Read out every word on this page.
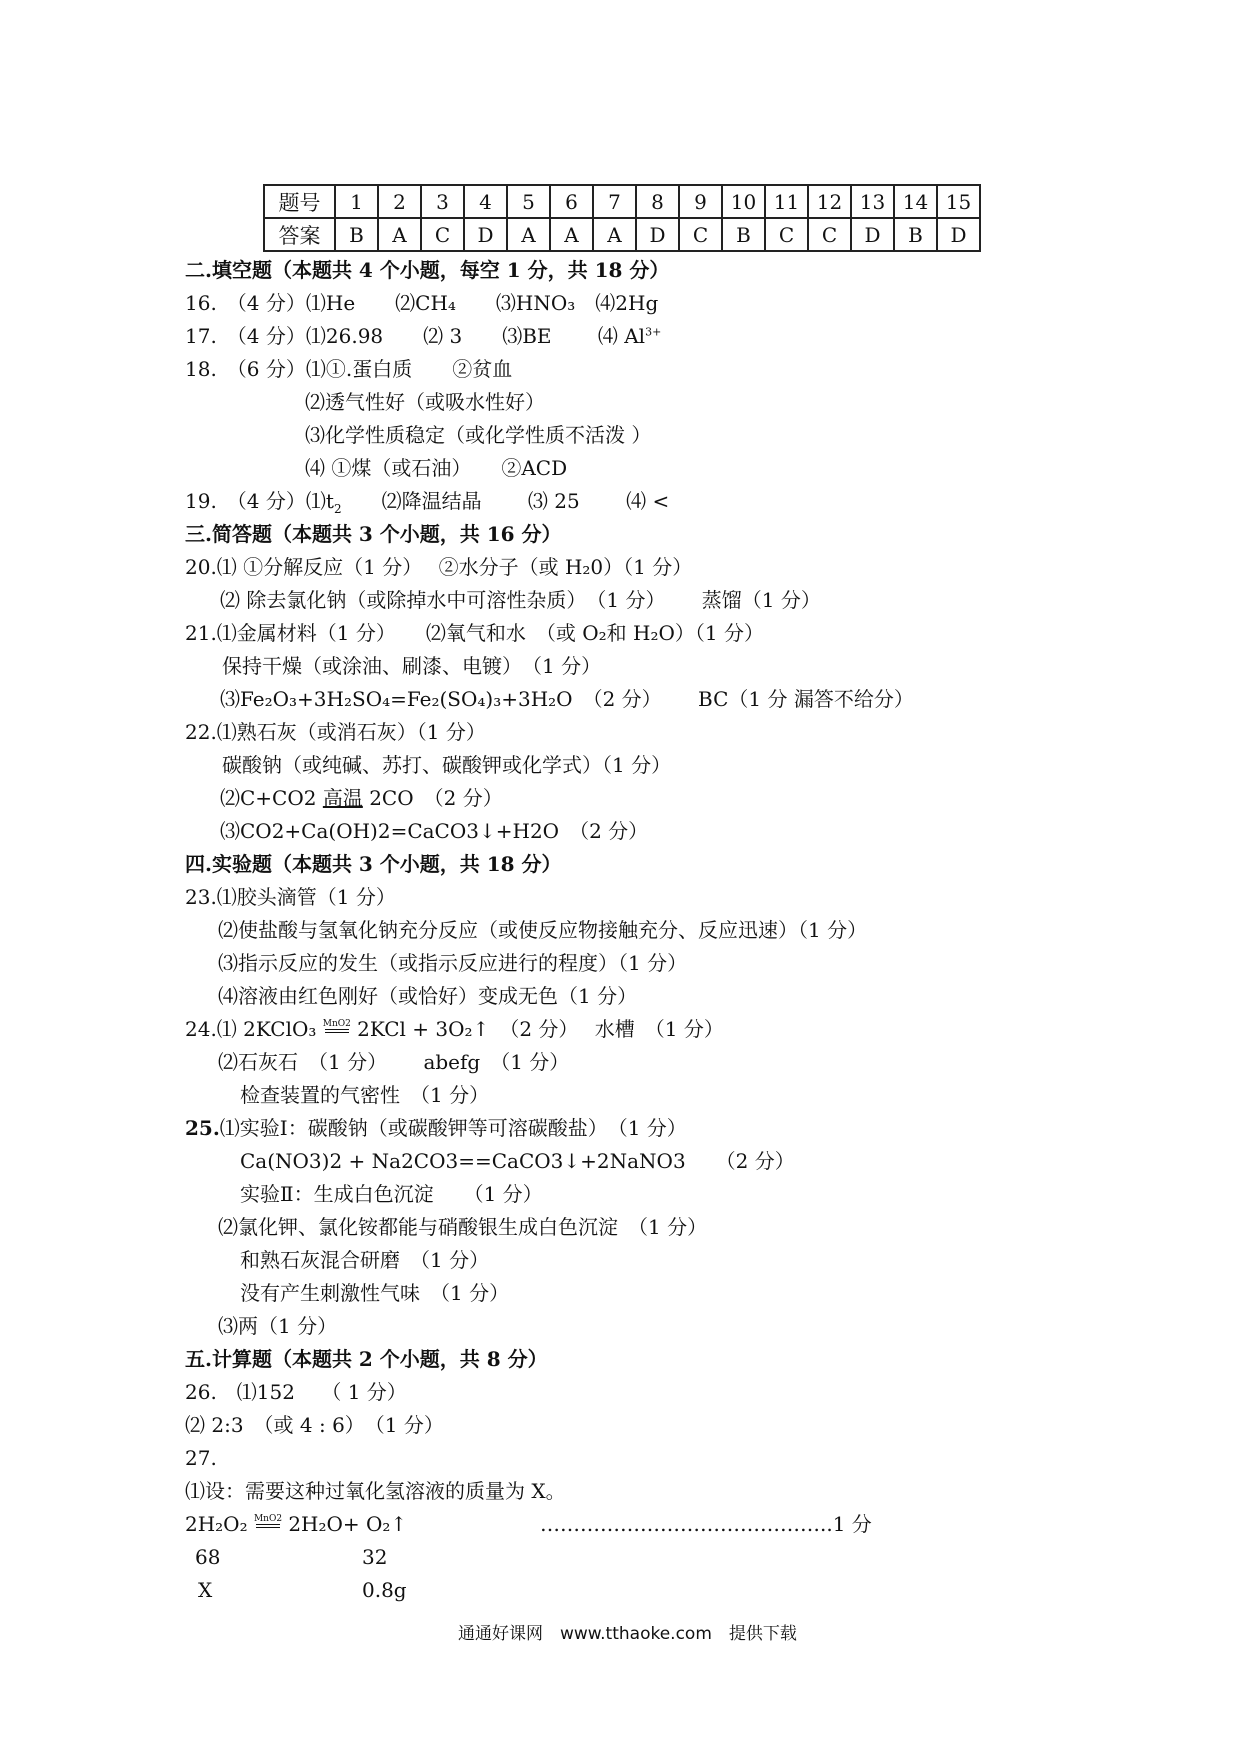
题号	1	2	3	4	5	6	7	8	9	10	11	12	13	14	15
答案	B	A	C	D	A	A	A	D	C	B	C	C	D	B	D
二.填空题（本题共 4 个小题，每空 1 分，共 18 分）
16.　（4 分）⑴He　　⑵CH₄　　⑶HNO₃　⑷2Hg
17.　（4 分）⑴26.98　　⑵ 3　　⑶BE　　 ⑷ $Al^{3+}$
18.　（6 分）⑴①.蛋白质　　②贫血
⑵透气性好（或吸水性好）
⑶化学性质稳定（或化学性质不活泼 ）
⑷ ①煤（或石油）　　②ACD
19.　（4 分）$⑴t_2$　　⑵降温结晶　　 ⑶ 25　　 ⑷ <
三.简答题（本题共 3 个小题，共 16 分）
20.⑴ ①分解反应（1 分）　 ②水分子（或 H₂0）（1 分）
⑵ 除去氯化钠（或除掉水中可溶性杂质）　（1 分）　　 蒸馏（1 分）
21.⑴金属材料（1 分）　　⑵氧气和水　（或 O₂和 H₂O）（1 分）
保持干燥（或涂油、刷漆、电镀）　（1 分）
⑶Fe₂O₃+3H₂SO₄=Fe₂(SO₄)₃+3H₂O　（2 分）　　 BC（1 分 漏答不给分）
22.⑴熟石灰（或消石灰）（1 分）
碳酸钠（或纯碱、苏打、碳酸钾或化学式）（1 分）
⑵C+CO2 高温 2CO　（2 分）
⑶CO2+Ca(OH)2=CaCO3↓+H2O　（2 分）
四.实验题（本题共 3 个小题，共 18 分）
23.⑴胶头滴管（1 分）
⑵使盐酸与氢氧化钠充分反应（或使反应物接触充分、反应迅速）（1 分）
⑶指示反应的发生（或指示反应进行的程度）（1 分）
⑷溶液由红色刚好（或恰好）变成无色（1 分）
24.⑴ 2KClO₃ MnO2 2KCl + 3O₂↑　（2 分）　 水槽　（1 分）
⑵石灰石　（1 分）　　 abefg　（1 分）
检查装置的气密性　（1 分）
25.⑴实验Ⅰ：碳酸钠（或碳酸钾等可溶碳酸盐）　（1 分）
Ca(NO3)2 + Na2CO3==CaCO3↓+2NaNO3　　（2 分）
实验Ⅱ：生成白色沉淀　　（1 分）
⑵氯化钾、氯化铵都能与硝酸银生成白色沉淀　（1 分）
和熟石灰混合研磨　（1 分）
没有产生刺激性气味　（1 分）
⑶两（1 分）
五.计算题（本题共 2 个小题，共 8 分）
26.　⑴152　 （ 1 分）
⑵ 2:3　（或 4 : 6）　（1 分）
27.
⑴设：需要这种过氧化氢溶液的质量为 X。
2H₂O₂ MnO2 2H₂O+ O₂↑	……………………………………..1 分
68	32
X	0.8g
通通好课网　www.tthaoke.com　提供下载
